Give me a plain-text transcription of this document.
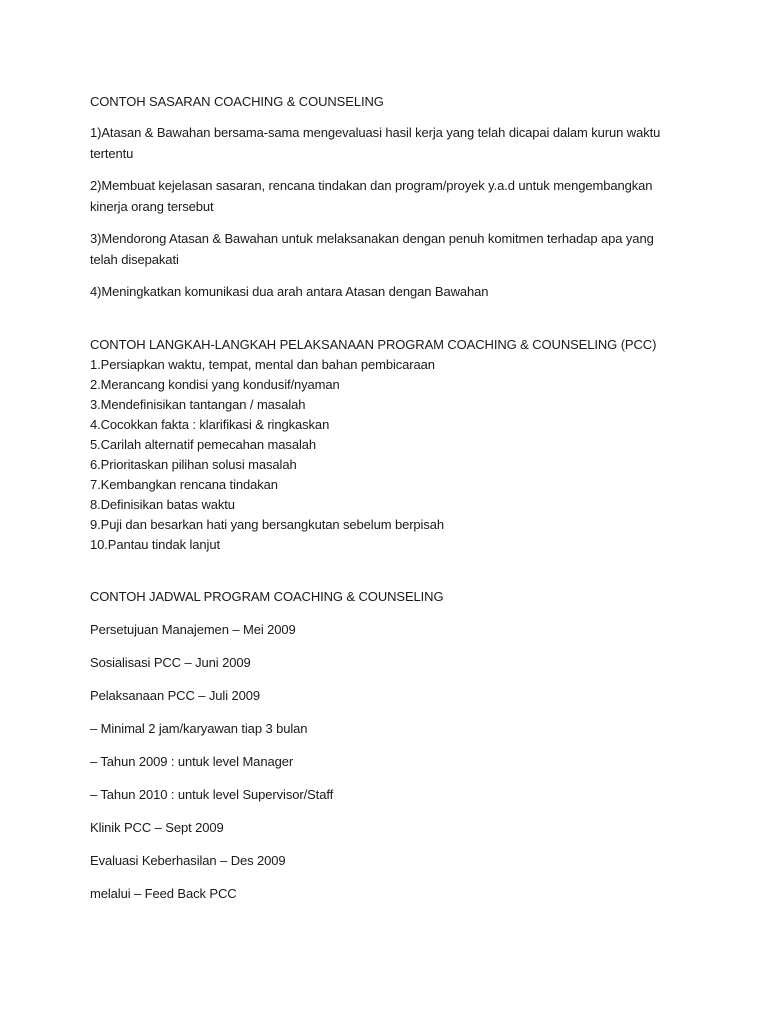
CONTOH SASARAN COACHING & COUNSELING

1)Atasan & Bawahan bersama-sama mengevaluasi hasil kerja yang telah dicapai dalam kurun waktu tertentu

2)Membuat kejelasan sasaran, rencana tindakan dan program/proyek y.a.d untuk mengembangkan kinerja orang tersebut

3)Mendorong Atasan & Bawahan untuk melaksanakan dengan penuh komitmen terhadap apa yang telah disepakati

4)Meningkatkan komunikasi dua arah antara Atasan dengan Bawahan

CONTOH LANGKAH-LANGKAH PELAKSANAAN PROGRAM COACHING & COUNSELING (PCC)

1.Persiapkan waktu, tempat, mental dan bahan pembicaraan

2.Merancang kondisi yang kondusif/nyaman

3.Mendefinisikan tantangan / masalah

4.Cocokkan fakta : klarifikasi & ringkaskan

5.Carilah alternatif pemecahan masalah

6.Prioritaskan pilihan solusi masalah

7.Kembangkan rencana tindakan

8.Definisikan batas waktu

9.Puji dan besarkan hati yang bersangkutan sebelum berpisah

10.Pantau tindak lanjut

CONTOH JADWAL PROGRAM COACHING & COUNSELING

Persetujuan Manajemen – Mei 2009

Sosialisasi PCC – Juni 2009

Pelaksanaan PCC – Juli 2009

– Minimal 2 jam/karyawan tiap 3 bulan

– Tahun 2009 : untuk level Manager

– Tahun 2010 : untuk level Supervisor/Staff

Klinik PCC – Sept 2009

Evaluasi Keberhasilan – Des 2009

melalui – Feed Back PCC
